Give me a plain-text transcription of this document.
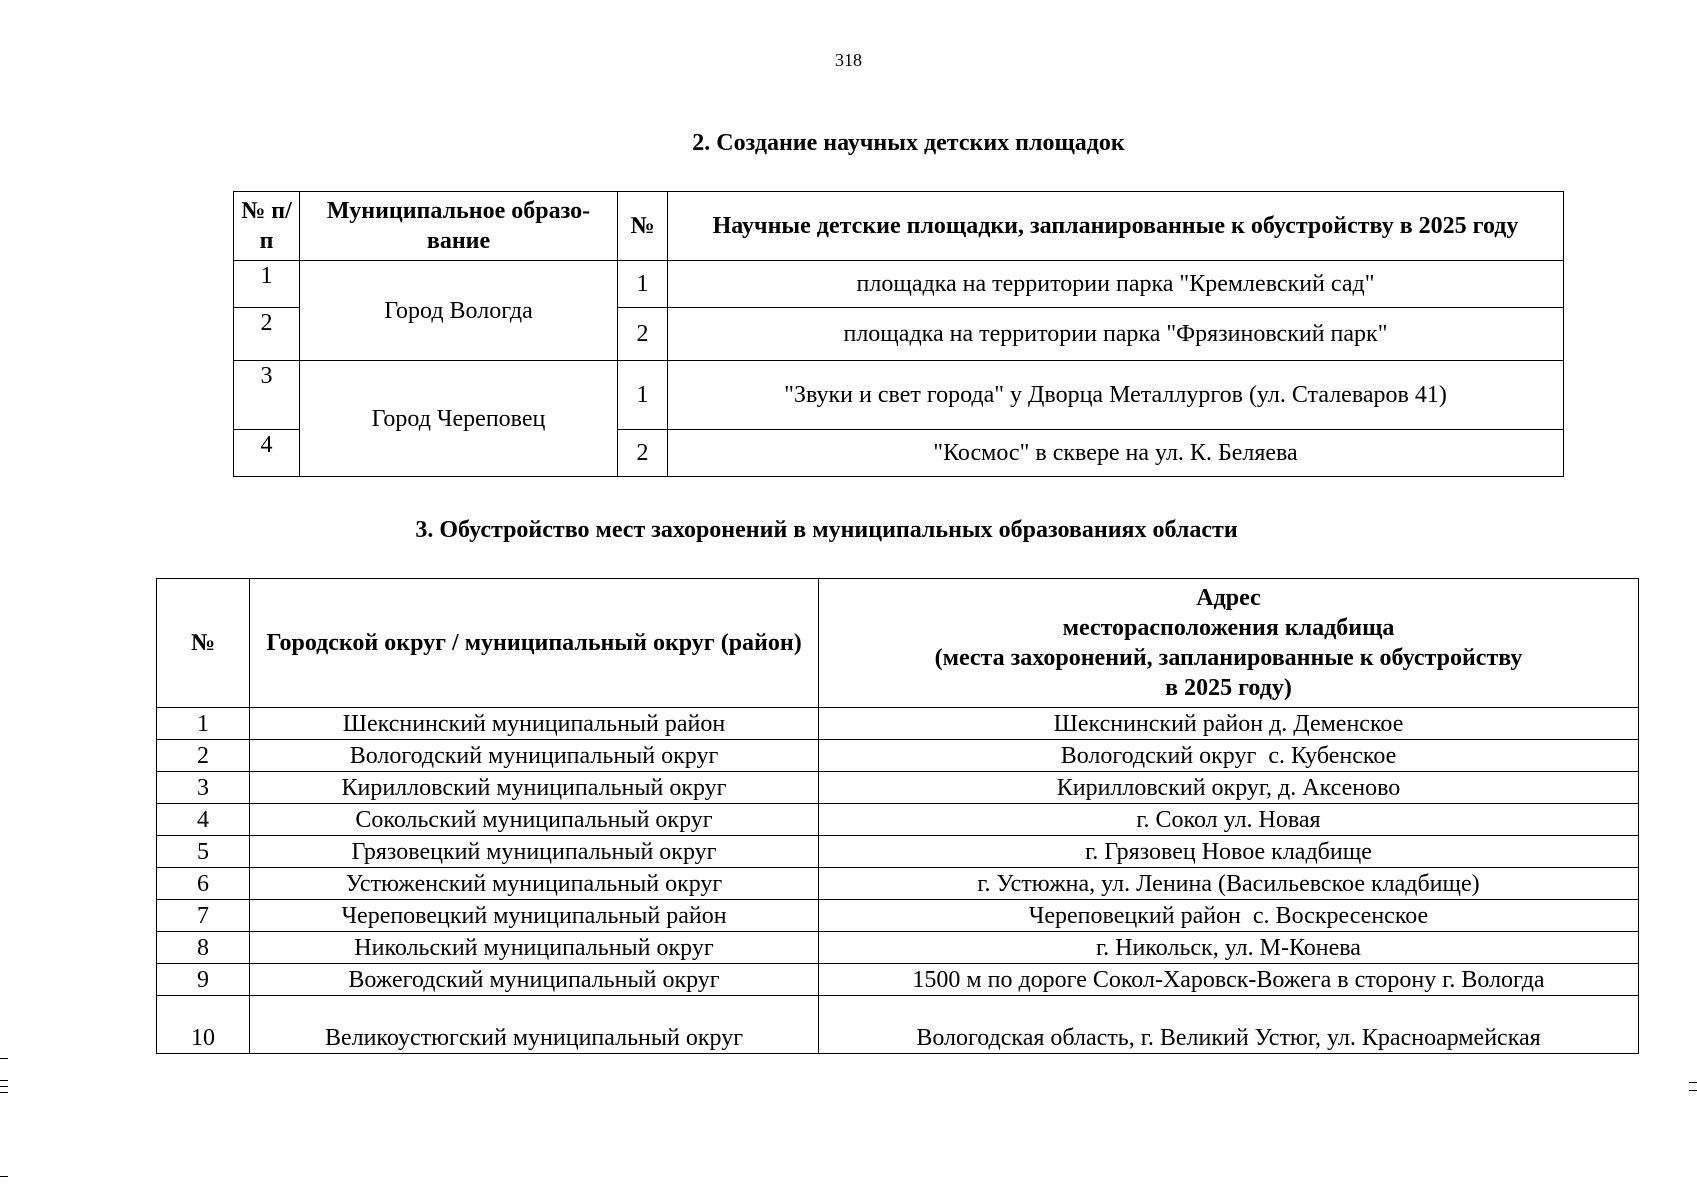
318
2. Создание научных детских площадок
№ п/п	Муниципальное образо-вание	№	Научные детские площадки, запланированные к обустройству в 2025 году
1	Город Вологда	1	площадка на территории парка "Кремлевский сад"
2		2	площадка на территории парка "Фрязиновский парк"
3	Город Череповец	1	"Звуки и свет города" у Дворца Металлургов (ул. Сталеваров 41)
4		2	"Космос" в сквере на ул. К. Беляева
3. Обустройство мест захоронений в муниципальных образованиях области
№	Городской округ / муниципальный округ (район)	Адрес
месторасположения кладбища
(места захоронений, запланированные к обустройству
в 2025 году)

1	Шекснинский муниципальный район	Шекснинский район д. Деменское
2	Вологодский муниципальный округ	Вологодский округ  с. Кубенское
3	Кирилловский муниципальный округ	Кирилловский округ, д. Аксеново
4	Сокольский муниципальный округ	г. Сокол ул. Новая
5	Грязовецкий муниципальный округ	г. Грязовец Новое кладбище
6	Устюженский муниципальный округ	г. Устюжна, ул. Ленина (Васильевское кладбище)
7	Череповецкий муниципальный район	Череповецкий район  с. Воскресенское
8	Никольский муниципальный округ	г. Никольск, ул. М-Конева
9	Вожегодский муниципальный округ	1500 м по дороге Сокол-Харовск-Вожега в сторону г. Вологда
10	Великоустюгский муниципальный округ	Вологодская область, г. Великий Устюг, ул. Красноармейская
